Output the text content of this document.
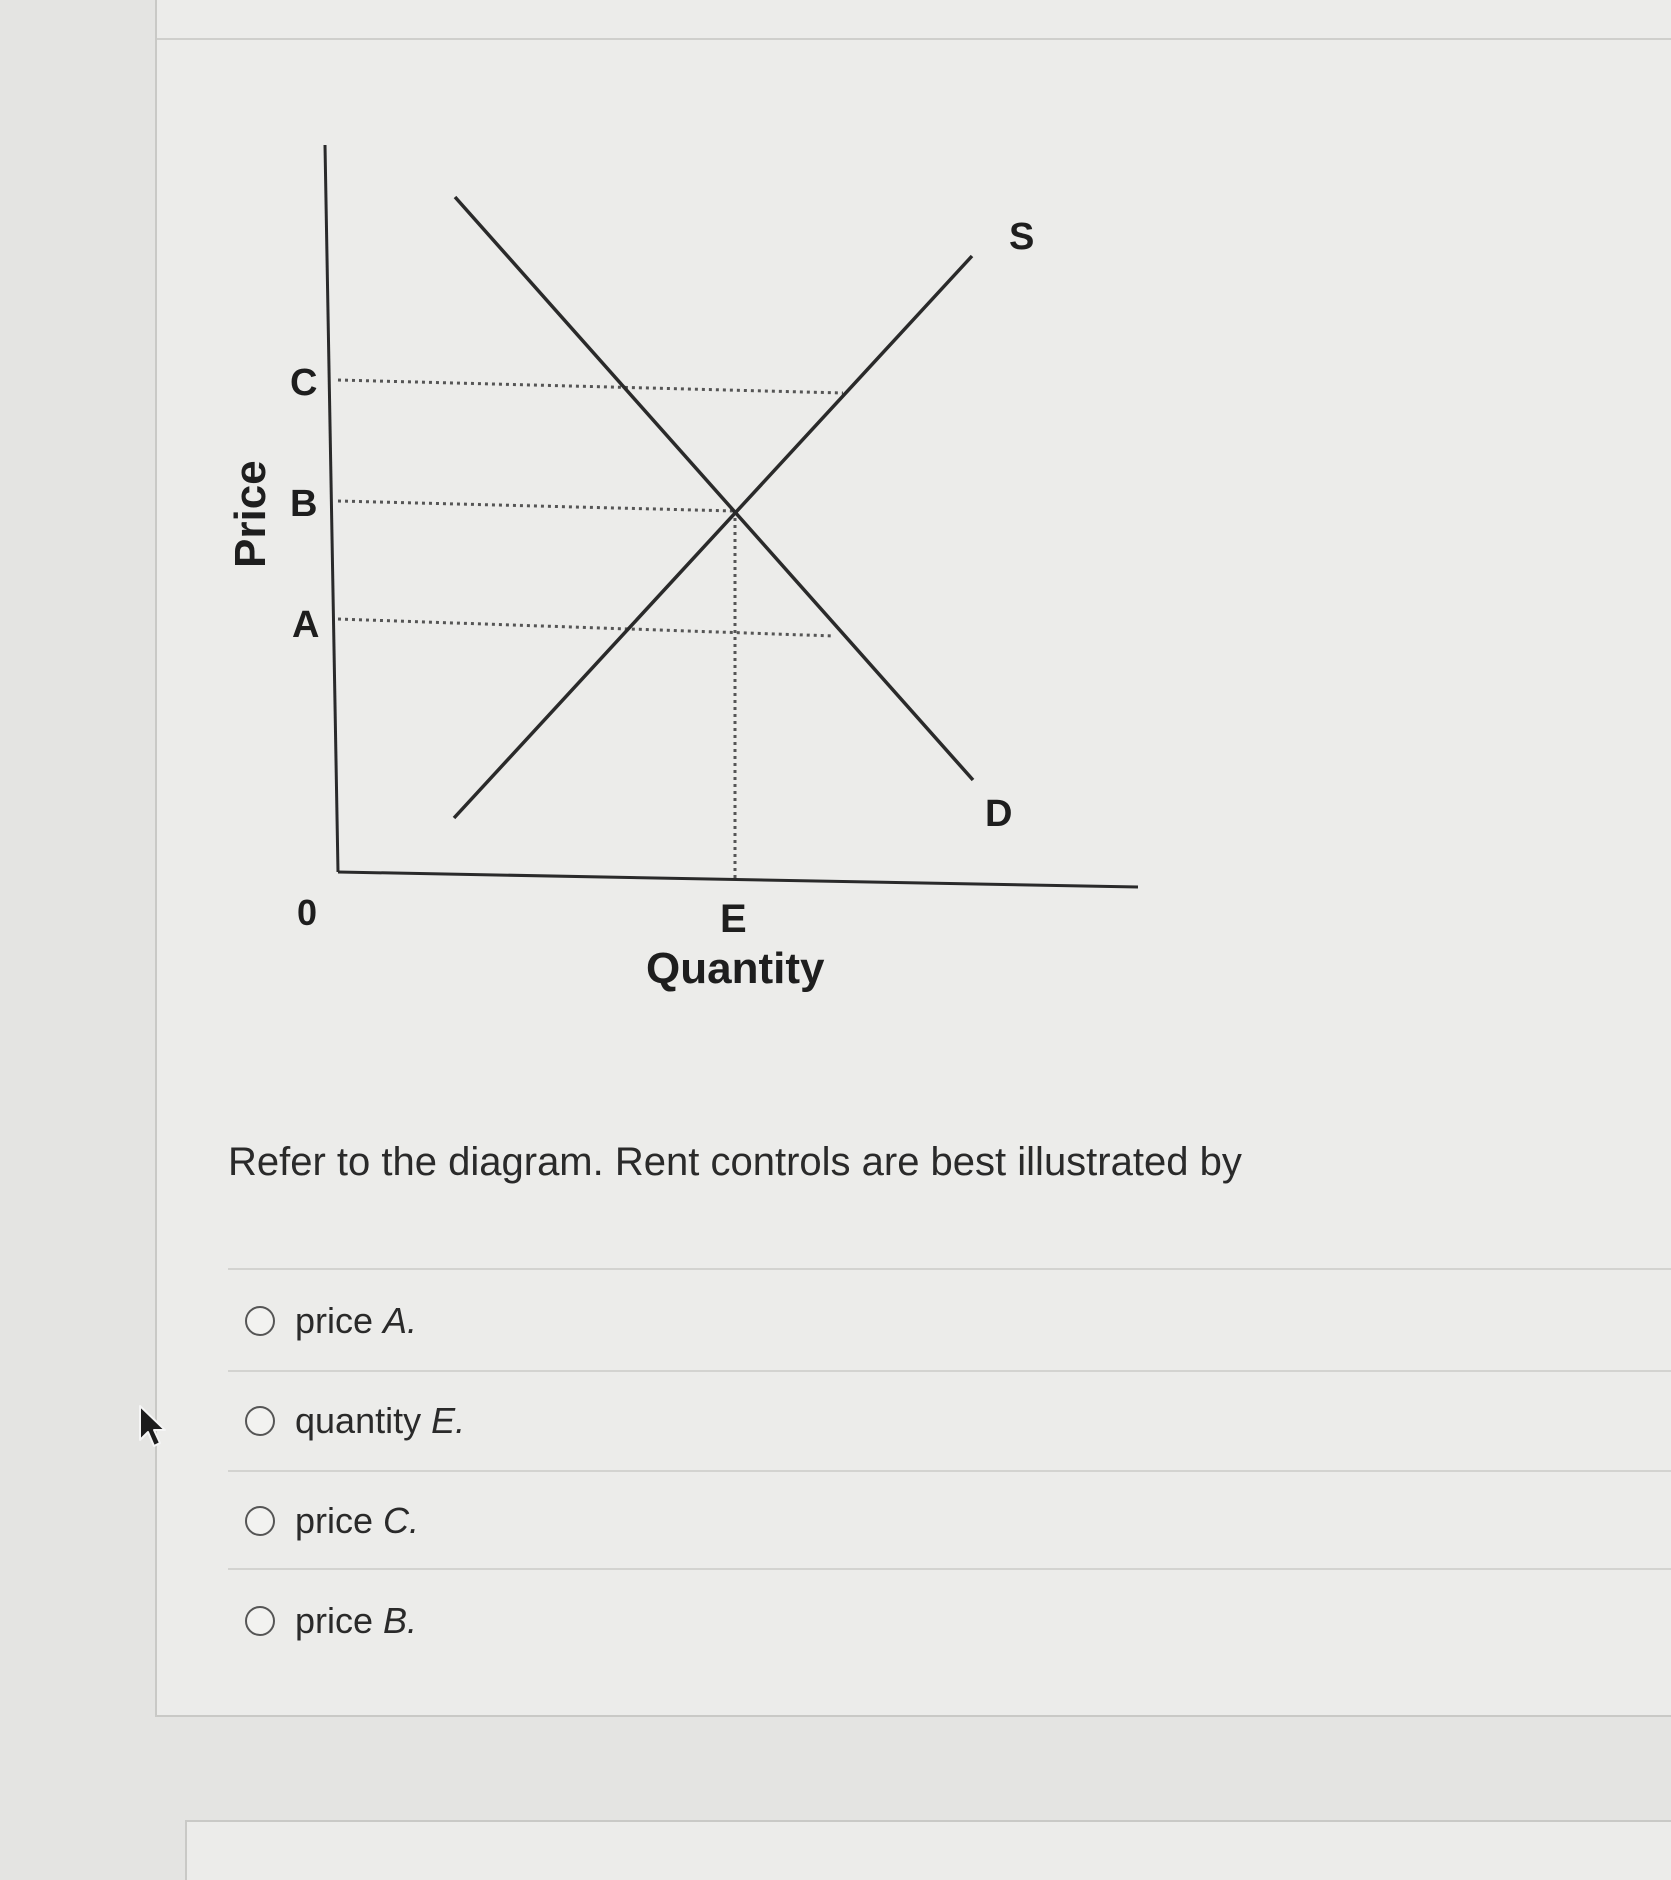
S
D
C
B
A
0	E
Quantity
Price
Refer to the diagram. Rent controls are best illustrated by
price A.
quantity E.
price C.
price B.
